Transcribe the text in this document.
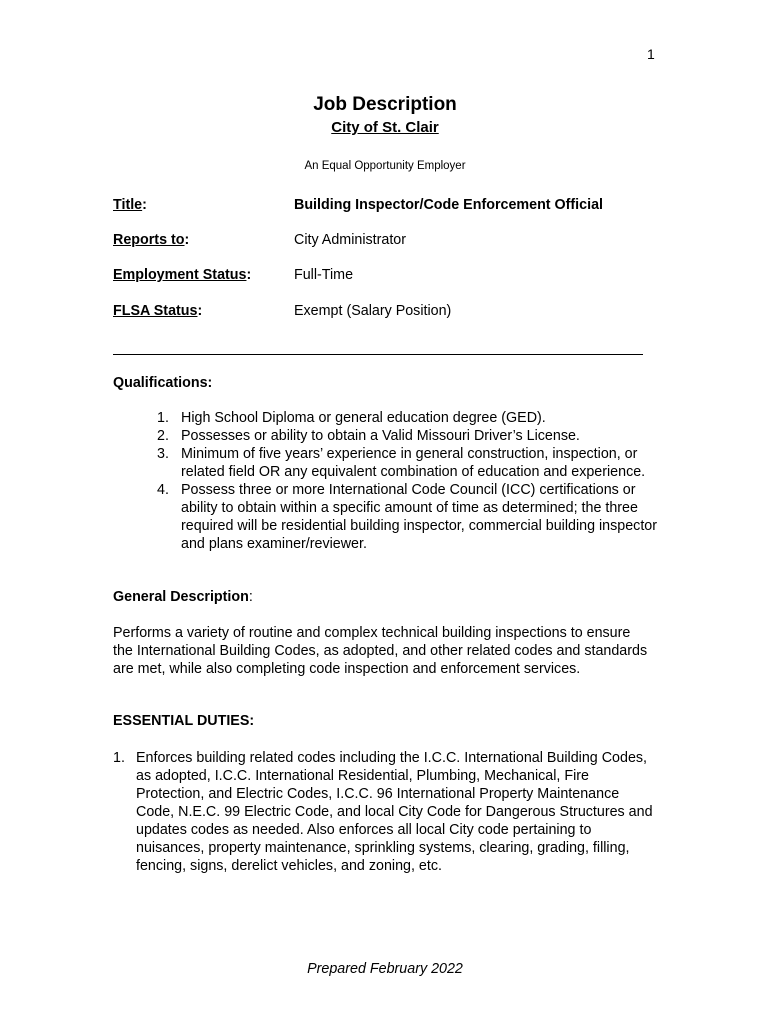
1
Job Description
City of St. Clair
An Equal Opportunity Employer
Title:	Building Inspector/Code Enforcement Official
Reports to:	City Administrator
Employment Status:	Full-Time
FLSA Status:	Exempt (Salary Position)
Qualifications:
1. High School Diploma or general education degree (GED).
2. Possesses or ability to obtain a Valid Missouri Driver’s License.
3. Minimum of five years’ experience in general construction, inspection, or related field OR any equivalent combination of education and experience.
4. Possess three or more International Code Council (ICC) certifications or ability to obtain within a specific amount of time as determined; the three required will be residential building inspector, commercial building inspector and plans examiner/reviewer.
General Description:

Performs a variety of routine and complex technical building inspections to ensure the International Building Codes, as adopted, and other related codes and standards are met, while also completing code inspection and enforcement services.

ESSENTIAL DUTIES:
1. Enforces building related codes including the I.C.C. International Building Codes, as adopted, I.C.C. International Residential, Plumbing, Mechanical, Fire Protection, and Electric Codes, I.C.C. 96 International Property Maintenance Code, N.E.C. 99 Electric Code, and local City Code for Dangerous Structures and updates codes as needed. Also enforces all local City code pertaining to nuisances, property maintenance, sprinkling systems, clearing, grading, filling, fencing, signs, derelict vehicles, and zoning, etc.
Prepared February 2022
